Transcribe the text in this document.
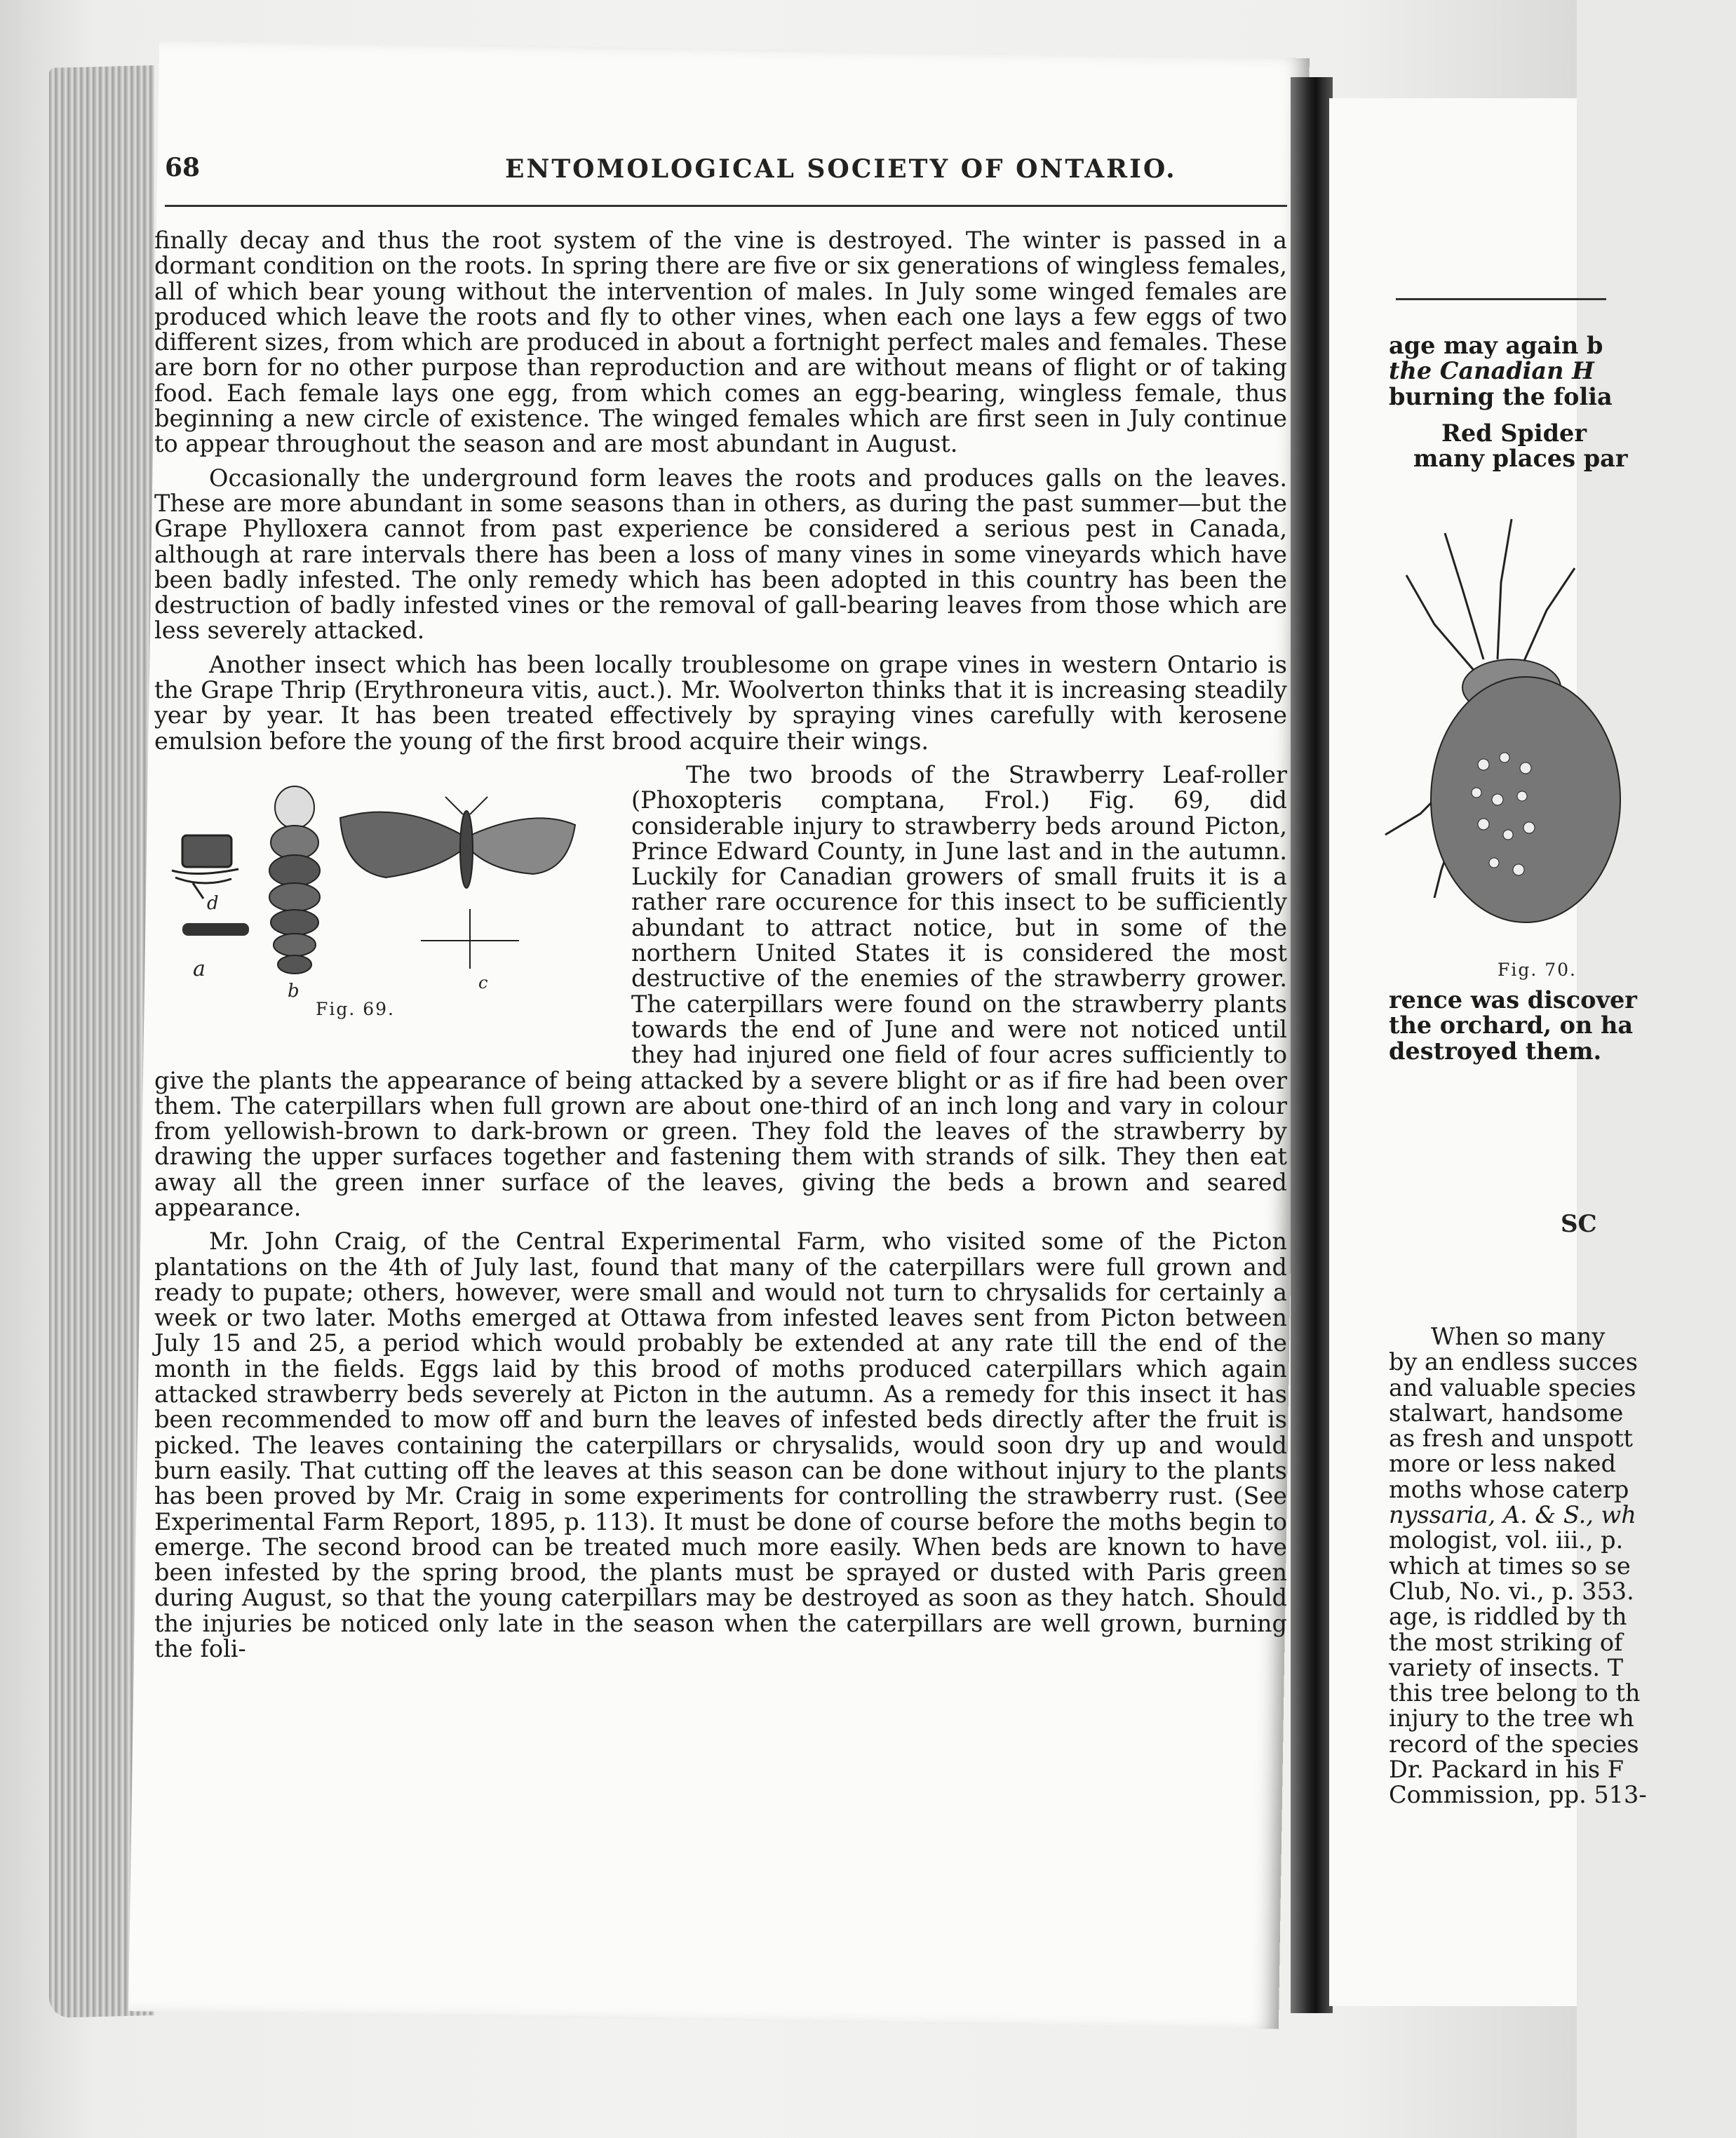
68	ENTOMOLOGICAL SOCIETY OF ONTARIO.

finally decay and thus the root system of the vine is destroyed. The winter is passed in a dormant condition on the roots. In spring there are five or six generations of wingless females, all of which bear young without the intervention of males. In July some winged females are produced which leave the roots and fly to other vines, when each one lays a few eggs of two different sizes, from which are produced in about a fortnight perfect males and females. These are born for no other purpose than reproduction and are without means of flight or of taking food. Each female lays one egg, from which comes an egg-bearing, wingless female, thus beginning a new circle of existence. The winged females which are first seen in July continue to appear throughout the season and are most abundant in August.

Occasionally the underground form leaves the roots and produces galls on the leaves. These are more abundant in some seasons than in others, as during the past summer—but the Grape Phylloxera cannot from past experience be considered a serious pest in Canada, although at rare intervals there has been a loss of many vines in some vineyards which have been badly infested. The only remedy which has been adopted in this country has been the destruction of badly infested vines or the removal of gall-bearing leaves from those which are less severely attacked.

Another insect which has been locally troublesome on grape vines in western Ontario is the Grape Thrip (Erythroneura vitis, auct.). Mr. Woolverton thinks that it is increasing steadily year by year. It has been treated effectively by spraying vines carefully with kerosene emulsion before the young of the first brood acquire their wings.

d
a
b	c
Fig. 69.
The two broods of the Strawberry Leaf-roller (Phoxopteris comptana, Frol.) Fig. 69, did considerable injury to strawberry beds around Picton, Prince Edward County, in June last and in the autumn. Luckily for Canadian growers of small fruits it is a rather rare occurence for this insect to be sufficiently abundant to attract notice, but in some of the northern United States it is considered the most destructive of the enemies of the strawberry grower. The caterpillars were found on the strawberry plants towards the end of June and were not noticed until they had injured one field of four acres sufficiently to give the plants the appearance of being attacked by a severe blight or as if fire had been over them. The caterpillars when full grown are about one-third of an inch long and vary in colour from yellowish-brown to dark-brown or green. They fold the leaves of the strawberry by drawing the upper surfaces together and fastening them with strands of silk. They then eat away all the green inner surface of the leaves, giving the beds a brown and seared appearance.

Mr. John Craig, of the Central Experimental Farm, who visited some of the Picton plantations on the 4th of July last, found that many of the caterpillars were full grown and ready to pupate; others, however, were small and would not turn to chrysalids for certainly a week or two later. Moths emerged at Ottawa from infested leaves sent from Picton between July 15 and 25, a period which would probably be extended at any rate till the end of the month in the fields. Eggs laid by this brood of moths produced caterpillars which again attacked strawberry beds severely at Picton in the autumn. As a remedy for this insect it has been recommended to mow off and burn the leaves of infested beds directly after the fruit is picked. The leaves containing the caterpillars or chrysalids, would soon dry up and would burn easily. That cutting off the leaves at this season can be done without injury to the plants has been proved by Mr. Craig in some experiments for controlling the strawberry rust. (See Experimental Farm Report, 1895, p. 113). It must be done of course before the moths begin to emerge. The second brood can be treated much more easily. When beds are known to have been infested by the spring brood, the plants must be sprayed or dusted with Paris green during August, so that the young caterpillars may be destroyed as soon as they hatch. Should the injuries be noticed only late in the season when the caterpillars are well grown, burning the foli-

age may again b
the Canadian H
burning the folia
Red Spider
many places par
Fig. 70.
rence was discover
the orchard, on ha
destroyed them.
SC
When so many
by an endless succes
and valuable species
stalwart, handsome
as fresh and unspott
more or less naked
moths whose caterp
nyssaria, A. & S., wh
mologist, vol. iii., p.
which at times so se
Club, No. vi., p. 353.
age, is riddled by th
the most striking of
variety of insects. T
this tree belong to th
injury to the tree wh
record of the species
Dr. Packard in his F
Commission, pp. 513-
